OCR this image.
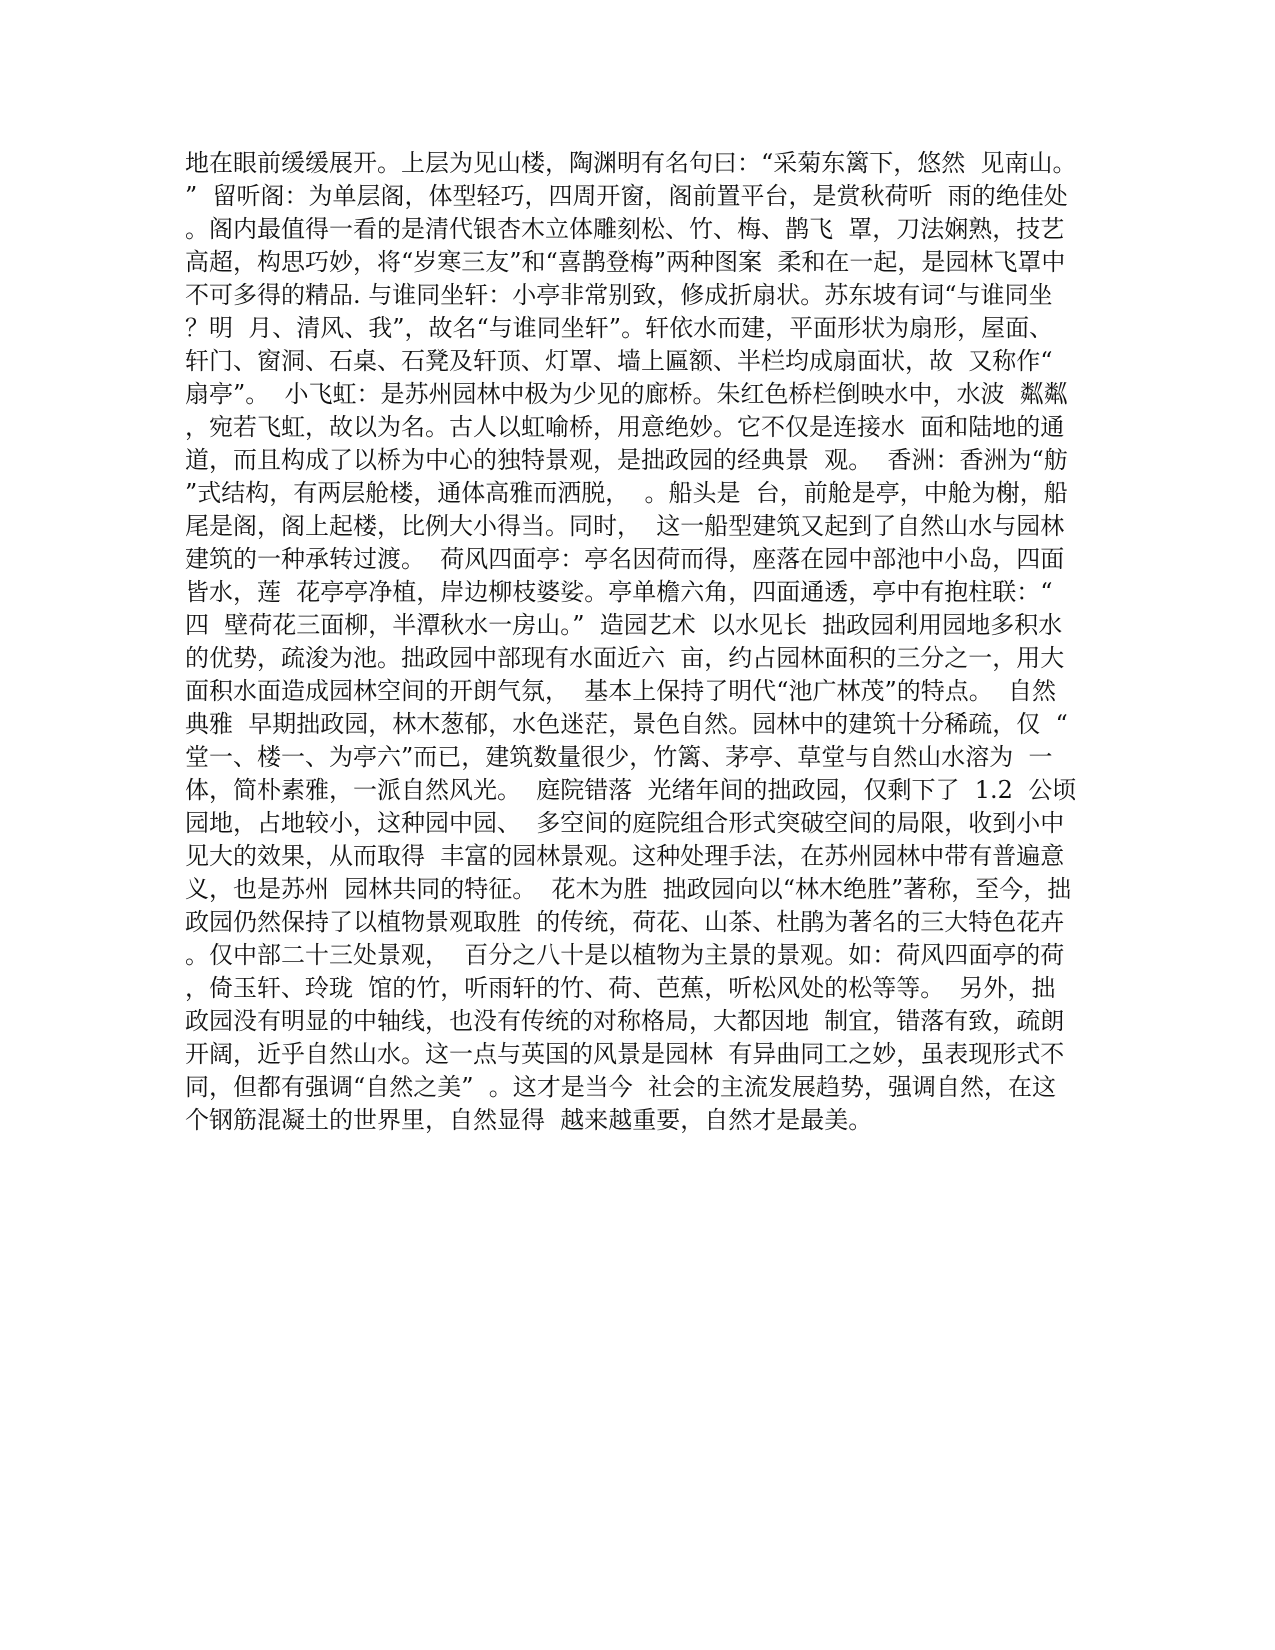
地在眼前缓缓展开。上层为见山楼，陶渊明有名句曰：“采菊东篱下，悠然  见南山。
”  留听阁：为单层阁，体型轻巧，四周开窗，阁前置平台，是赏秋荷听  雨的绝佳处
。阁内最值得一看的是清代银杏木立体雕刻松、竹、梅、鹊飞  罩，刀法娴熟，技艺
高超，构思巧妙，将“岁寒三友”和“喜鹊登梅”两种图案  柔和在一起，是园林飞罩中
不可多得的精品. 与谁同坐轩：小亭非常别致，修成折扇状。苏东坡有词“与谁同坐
？明  月、清风、我”，故名“与谁同坐轩”。轩依水而建，平面形状为扇形，屋面、
轩门、窗洞、石桌、石凳及轩顶、灯罩、墙上匾额、半栏均成扇面状，故  又称作“
扇亭”。  小飞虹：是苏州园林中极为少见的廊桥。朱红色桥栏倒映水中，水波  粼粼
，宛若飞虹，故以为名。古人以虹喻桥，用意绝妙。它不仅是连接水  面和陆地的通
道，而且构成了以桥为中心的独特景观，是拙政园的经典景  观。  香洲：香洲为“舫
”式结构，有两层舱楼，通体高雅而洒脱，  。船头是  台，前舱是亭，中舱为榭，船
尾是阁，阁上起楼，比例大小得当。同时，  这一船型建筑又起到了自然山水与园林
建筑的一种承转过渡。  荷风四面亭：亭名因荷而得，座落在园中部池中小岛，四面
皆水，莲  花亭亭净植，岸边柳枝婆娑。亭单檐六角，四面通透，亭中有抱柱联：“
四  壁荷花三面柳，半潭秋水一房山。”  造园艺术  以水见长  拙政园利用园地多积水
的优势，疏浚为池。拙政园中部现有水面近六  亩，约占园林面积的三分之一，用大
面积水面造成园林空间的开朗气氛，  基本上保持了明代“池广林茂”的特点。  自然
典雅  早期拙政园，林木葱郁，水色迷茫，景色自然。园林中的建筑十分稀疏，仅  “
堂一、楼一、为亭六”而已，建筑数量很少，竹篱、茅亭、草堂与自然山水溶为  一
体，简朴素雅，一派自然风光。  庭院错落  光绪年间的拙政园，仅剩下了  1.2  公顷
园地，占地较小，这种园中园、  多空间的庭院组合形式突破空间的局限，收到小中
见大的效果，从而取得  丰富的园林景观。这种处理手法，在苏州园林中带有普遍意
义，也是苏州  园林共同的特征。  花木为胜  拙政园向以“林木绝胜”著称，至今，拙
政园仍然保持了以植物景观取胜  的传统，荷花、山茶、杜鹃为著名的三大特色花卉
。仅中部二十三处景观，  百分之八十是以植物为主景的景观。如：荷风四面亭的荷
，倚玉轩、玲珑  馆的竹，听雨轩的竹、荷、芭蕉，听松风处的松等等。  另外，拙
政园没有明显的中轴线，也没有传统的对称格局，大都因地  制宜，错落有致，疏朗
开阔，近乎自然山水。这一点与英国的风景是园林  有异曲同工之妙，虽表现形式不
同，但都有强调“自然之美”  。这才是当今  社会的主流发展趋势，强调自然，在这
个钢筋混凝土的世界里，自然显得  越来越重要，自然才是最美。
